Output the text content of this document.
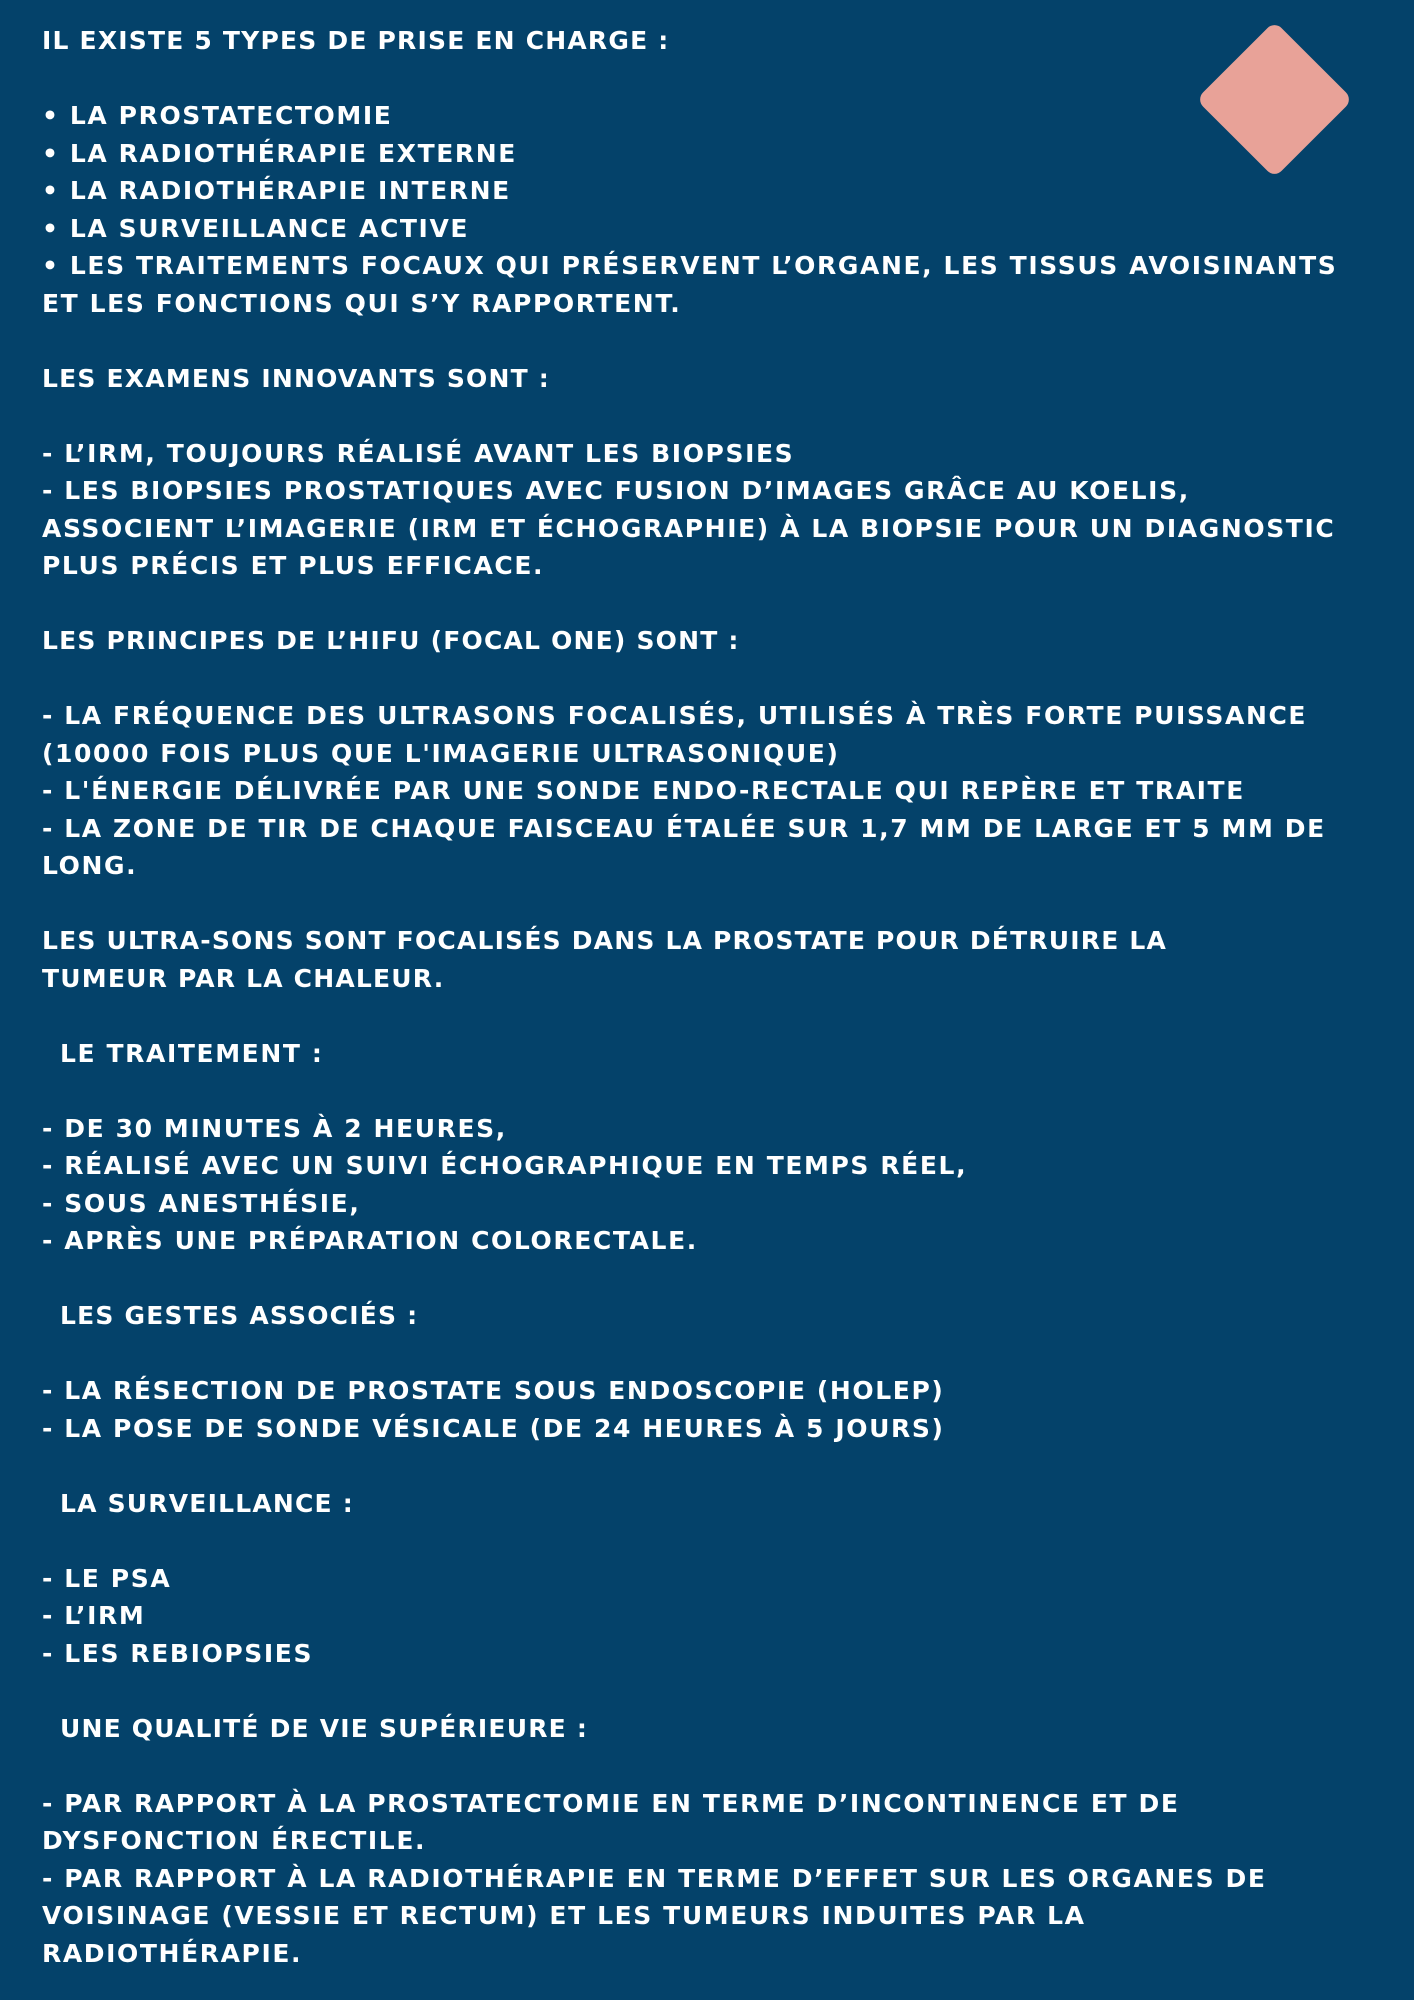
IL EXISTE 5 TYPES DE PRISE EN CHARGE :
• LA PROSTATECTOMIE
• LA RADIOTHÉRAPIE EXTERNE
• LA RADIOTHÉRAPIE INTERNE
• LA SURVEILLANCE ACTIVE
• LES TRAITEMENTS FOCAUX QUI PRÉSERVENT L’ORGANE, LES TISSUS AVOISINANTS
ET LES FONCTIONS QUI S’Y RAPPORTENT.
LES EXAMENS INNOVANTS SONT :
- L’IRM, TOUJOURS RÉALISÉ AVANT LES BIOPSIES
- LES BIOPSIES PROSTATIQUES AVEC FUSION D’IMAGES GRÂCE AU KOELIS,
ASSOCIENT L’IMAGERIE (IRM ET ÉCHOGRAPHIE) À LA BIOPSIE POUR UN DIAGNOSTIC
PLUS PRÉCIS ET PLUS EFFICACE.
LES PRINCIPES DE L’HIFU (FOCAL ONE) SONT :
- LA FRÉQUENCE DES ULTRASONS FOCALISÉS, UTILISÉS À TRÈS FORTE PUISSANCE
(10000 FOIS PLUS QUE L'IMAGERIE ULTRASONIQUE)
- L'ÉNERGIE DÉLIVRÉE PAR UNE SONDE ENDO-RECTALE QUI REPÈRE ET TRAITE
- LA ZONE DE TIR DE CHAQUE FAISCEAU ÉTALÉE SUR 1,7 MM DE LARGE ET 5 MM DE
LONG.
LES ULTRA-SONS SONT FOCALISÉS DANS LA PROSTATE POUR DÉTRUIRE LA
TUMEUR PAR LA CHALEUR.
LE TRAITEMENT :
- DE 30 MINUTES À 2 HEURES,
- RÉALISÉ AVEC UN SUIVI ÉCHOGRAPHIQUE EN TEMPS RÉEL,
- SOUS ANESTHÉSIE,
- APRÈS UNE PRÉPARATION COLORECTALE.
LES GESTES ASSOCIÉS :
- LA RÉSECTION DE PROSTATE SOUS ENDOSCOPIE (HOLEP)
- LA POSE DE SONDE VÉSICALE (DE 24 HEURES À 5 JOURS)
LA SURVEILLANCE :
- LE PSA
- L’IRM
- LES REBIOPSIES
UNE QUALITÉ DE VIE SUPÉRIEURE :
- PAR RAPPORT À LA PROSTATECTOMIE EN TERME D’INCONTINENCE ET DE
DYSFONCTION ÉRECTILE.
- PAR RAPPORT À LA RADIOTHÉRAPIE EN TERME D’EFFET SUR LES ORGANES DE
VOISINAGE (VESSIE ET RECTUM) ET LES TUMEURS INDUITES PAR LA
RADIOTHÉRAPIE.
